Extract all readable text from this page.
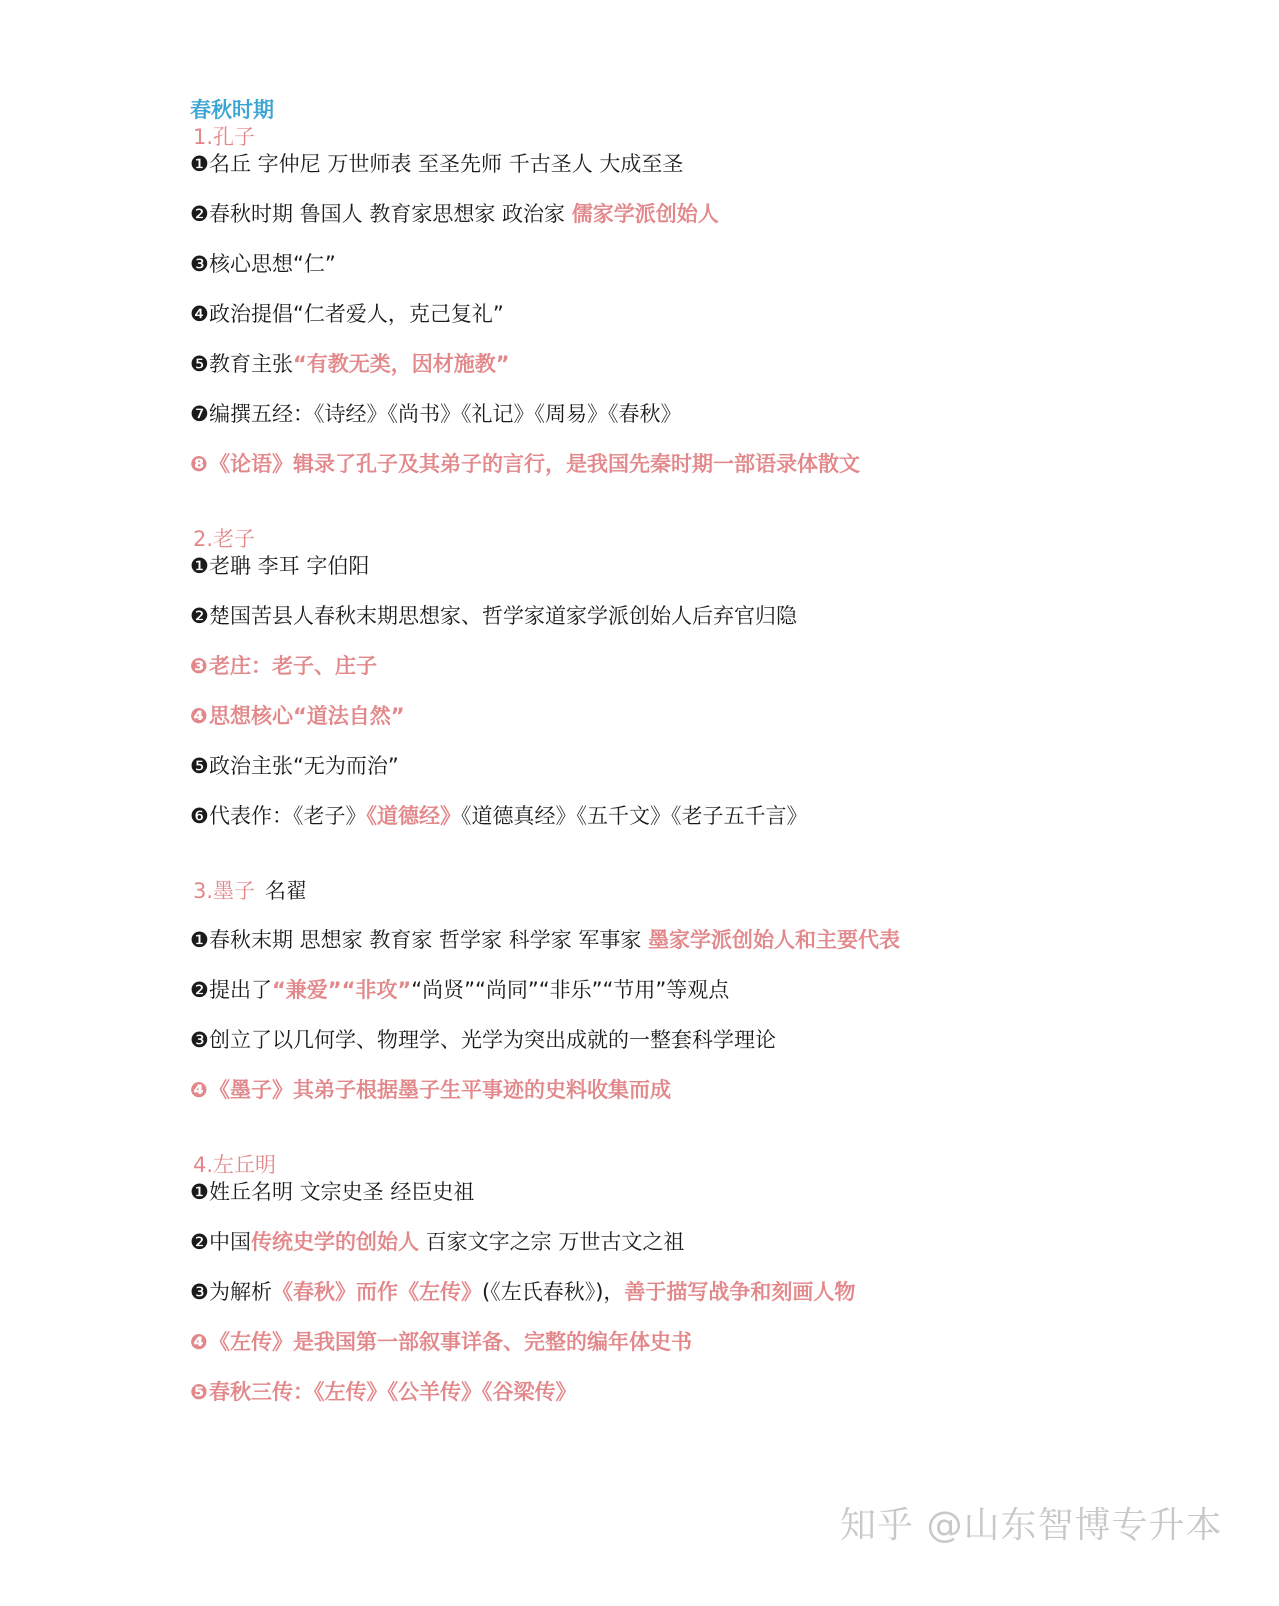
春秋时期
1.孔子
❶名丘 字仲尼 万世师表 至圣先师 千古圣人 大成至圣
❷春秋时期 鲁国人 教育家思想家 政治家 儒家学派创始人
❸核心思想“仁”
❹政治提倡“仁者爱人，克己复礼”
❺教育主张“有教无类，因材施教”
❼编撰五经：《诗经》《尚书》《礼记》《周易》《春秋》
❽《论语》辑录了孔子及其弟子的言行，是我国先秦时期一部语录体散文
2.老子
❶老聃 李耳 字伯阳
❷楚国苦县人春秋末期思想家、哲学家道家学派创始人后弃官归隐
❸老庄：老子、庄子
❹思想核心“道法自然”
❺政治主张“无为而治”
❻代表作：《老子》《道德经》《道德真经》《五千文》《老子五千言》
3.墨子 名翟
❶春秋末期 思想家 教育家 哲学家 科学家 军事家 墨家学派创始人和主要代表
❷提出了“兼爱”“非攻”“尚贤”“尚同”“非乐”“节用”等观点
❸创立了以几何学、物理学、光学为突出成就的一整套科学理论
❹《墨子》其弟子根据墨子生平事迹的史料收集而成
4.左丘明
❶姓丘名明 文宗史圣 经臣史祖
❷中国传统史学的创始人 百家文字之宗 万世古文之祖
❸为解析《春秋》而作《左传》(《左氏春秋》)，善于描写战争和刻画人物
❹《左传》是我国第一部叙事详备、完整的编年体史书
❺春秋三传：《左传》《公羊传》《谷梁传》
知乎 @山东智博专升本
